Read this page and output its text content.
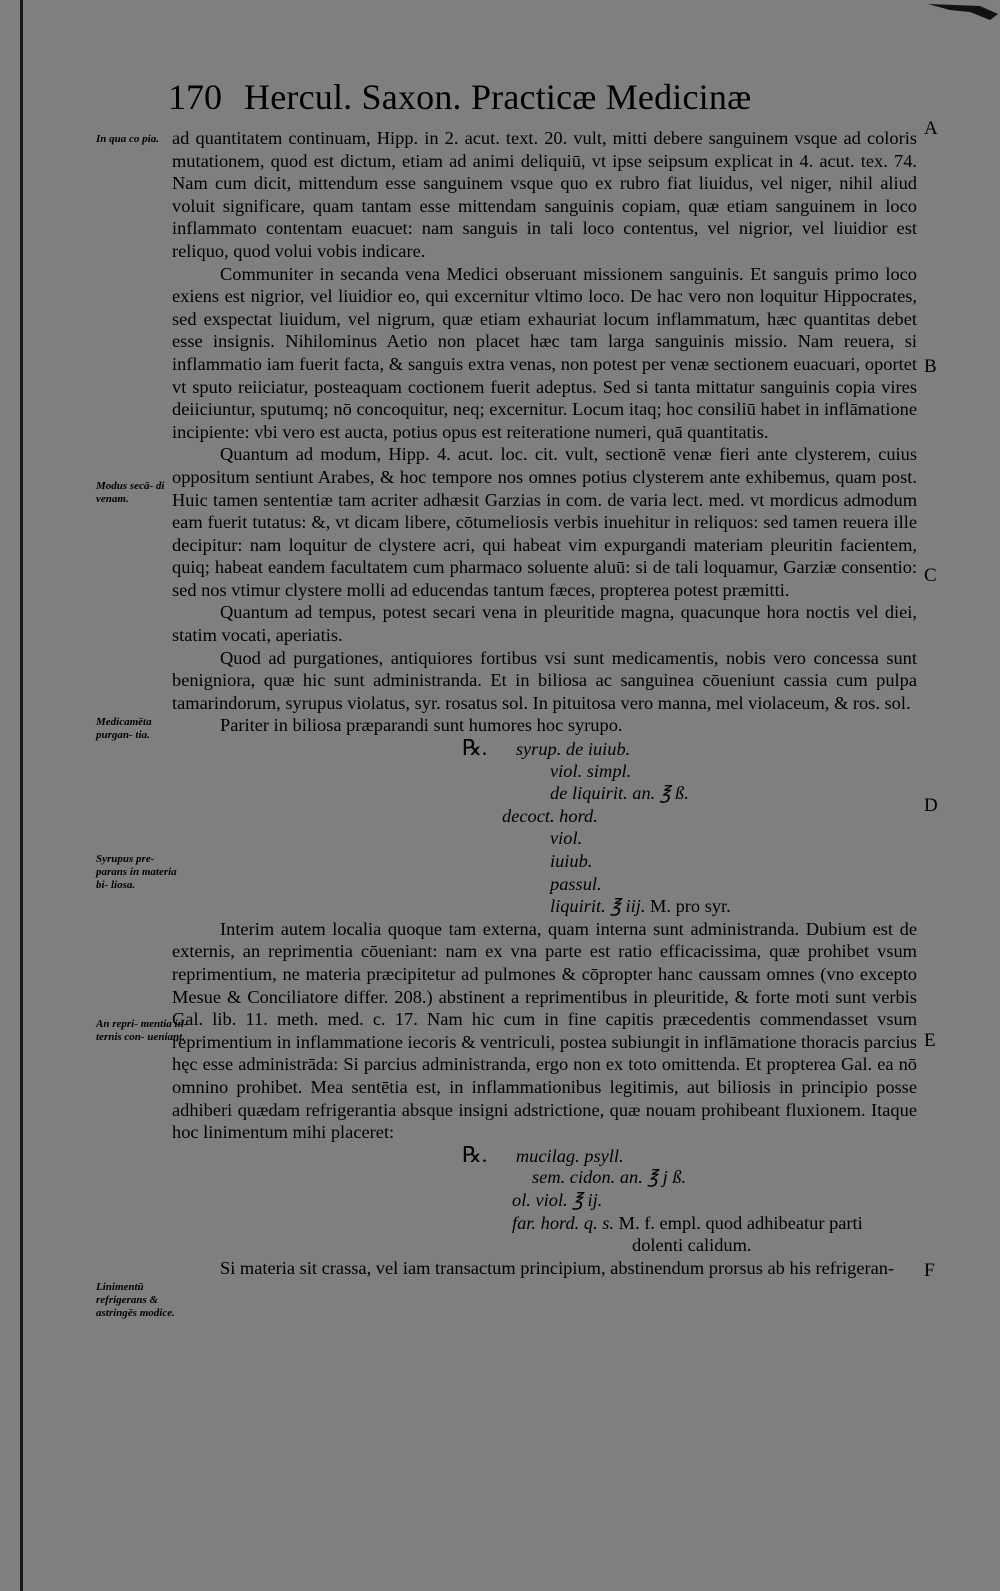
170 Hercul. Saxon. Practicæ Medicinæ
In qua co pia.
Modus secā- di venam.
Medicamēta purgan- tia.
Syrupus pre- parans in materia bi- liosa.
An repri- mentia in- ternis con- ueniant.
Linimentū refrigerans & astringēs modice.
A
B
C
D
E
F

ad quantitatem continuam, Hipp. in 2. acut. text. 20. vult, mitti debere sanguinem vsque ad coloris mutationem, quod est dictum, etiam ad animi deliquiū, vt ipse seipsum explicat in 4. acut. tex. 74. Nam cum dicit, mittendum esse sanguinem vsque quo ex rubro fiat liuidus, vel niger, nihil aliud voluit significare, quam tantam esse mittendam sanguinis copiam, quæ etiam sanguinem in loco inflammato contentam euacuet: nam sanguis in tali loco contentus, vel nigrior, vel liuidior est reliquo, quod volui vobis indicare.

Communiter in secanda vena Medici obseruant missionem sanguinis. Et sanguis primo loco exiens est nigrior, vel liuidior eo, qui excernitur vltimo loco. De hac vero non loquitur Hippocrates, sed exspectat liuidum, vel nigrum, quæ etiam exhauriat locum inflammatum, hæc quantitas debet esse insignis. Nihilominus Aetio non placet hæc tam larga sanguinis missio. Nam reuera, si inflammatio iam fuerit facta, & sanguis extra venas, non potest per venæ sectionem euacuari, oportet vt sputo reiiciatur, posteaquam coctionem fuerit adeptus. Sed si tanta mittatur sanguinis copia vires deiiciuntur, sputumq; nō concoquitur, neq; excernitur. Locum itaq; hoc consiliū habet in inflāmatione incipiente: vbi vero est aucta, potius opus est reiteratione numeri, quā quantitatis.

Quantum ad modum, Hipp. 4. acut. loc. cit. vult, sectionē venæ fieri ante clysterem, cuius oppositum sentiunt Arabes, & hoc tempore nos omnes potius clysterem ante exhibemus, quam post. Huic tamen sententiæ tam acriter adhæsit Garzias in com. de varia lect. med. vt mordicus admodum eam fuerit tutatus: &, vt dicam libere, cōtumeliosis verbis inuehitur in reliquos: sed tamen reuera ille decipitur: nam loquitur de clystere acri, qui habeat vim expurgandi materiam pleuritin facientem, quiq; habeat eandem facultatem cum pharmaco soluente aluū: si de tali loquamur, Garziæ consentio: sed nos vtimur clystere molli ad educendas tantum fæces, propterea potest præmitti.

Quantum ad tempus, potest secari vena in pleuritide magna, quacunque hora noctis vel diei, statim vocati, aperiatis.

Quod ad purgationes, antiquiores fortibus vsi sunt medicamentis, nobis vero concessa sunt benigniora, quæ hic sunt administranda. Et in biliosa ac sanguinea cōueniunt cassia cum pulpa tamarindorum, syrupus violatus, syr. rosatus sol. In pituitosa vero manna, mel violaceum, & ros. sol.

Pariter in biliosa præparandi sunt humores hoc syrupo.

℞. syrup. de iuiub.
viol. simpl.
de liquirit. an. ℥ ß.
decoct. hord.
viol.
iuiub.
passul.
liquirit. ℥ iij. M. pro syr.

Interim autem localia quoque tam externa, quam interna sunt administranda. Dubium est de externis, an reprimentia cōueniant: nam ex vna parte est ratio efficacissima, quæ prohibet vsum reprimentium, ne materia præcipitetur ad pulmones & cōpropter hanc caussam omnes (vno excepto Mesue & Conciliatore differ. 208.) abstinent a reprimentibus in pleuritide, & forte moti sunt verbis Gal. lib. 11. meth. med. c. 17. Nam hic cum in fine capitis præcedentis commendasset vsum reprimentium in inflammatione iecoris & ventriculi, postea subiungit in inflāmatione thoracis parcius hęc esse administrāda: Si parcius administranda, ergo non ex toto omittenda. Et propterea Gal. ea nō omnino prohibet. Mea sentētia est, in inflammationibus legitimis, aut biliosis in principio posse adhiberi quædam refrigerantia absque insigni adstrictione, quæ nouam prohibeant fluxionem. Itaque hoc linimentum mihi placeret:

℞. mucilag. psyll.
sem. cidon. an. ℥ j ß.
ol. viol. ℥ ij.
far. hord. q. s. M. f. empl. quod adhibeatur parti
dolenti calidum.

Si materia sit crassa, vel iam transactum principium, abstinendum prorsus ab his refrigeran-
